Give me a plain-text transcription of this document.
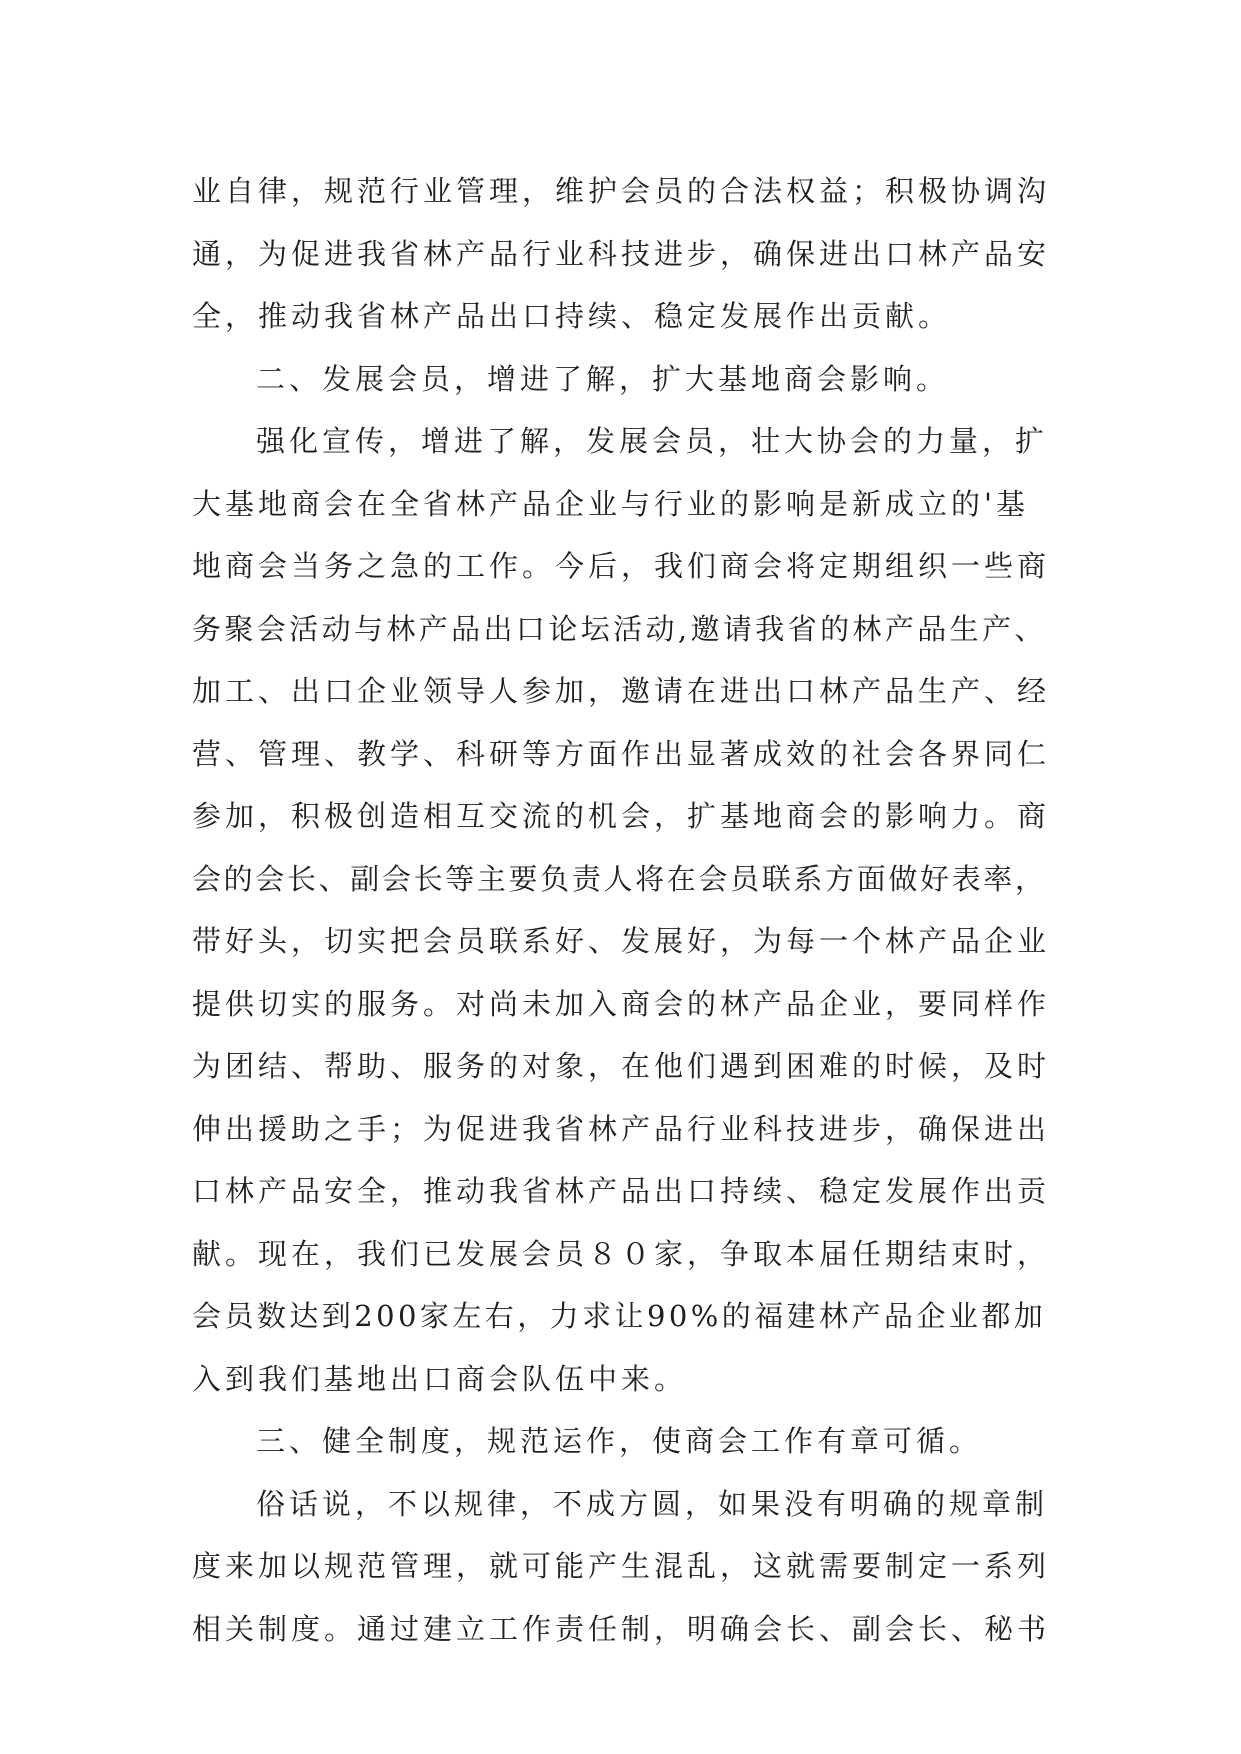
业自律，规范行业管理，维护会员的合法权益；积极协调沟
通，为促进我省林产品行业科技进步，确保进出口林产品安
全，推动我省林产品出口持续、稳定发展作出贡献。
二、发展会员，增进了解，扩大基地商会影响。
强化宣传，增进了解，发展会员，壮大协会的力量，扩
大基地商会在全省林产品企业与行业的影响是新成立的'基
地商会当务之急的工作。今后，我们商会将定期组织一些商
务聚会活动与林产品出口论坛活动,邀请我省的林产品生产、
加工、出口企业领导人参加，邀请在进出口林产品生产、经
营、管理、教学、科研等方面作出显著成效的社会各界同仁
参加，积极创造相互交流的机会，扩基地商会的影响力。商
会的会长、副会长等主要负责人将在会员联系方面做好表率，
带好头，切实把会员联系好、发展好，为每一个林产品企业
提供切实的服务。对尚未加入商会的林产品企业，要同样作
为团结、帮助、服务的对象，在他们遇到困难的时候，及时
伸出援助之手；为促进我省林产品行业科技进步，确保进出
口林产品安全，推动我省林产品出口持续、稳定发展作出贡
献。现在，我们已发展会员８０家，争取本届任期结束时，
会员数达到200家左右，力求让90%的福建林产品企业都加
入到我们基地出口商会队伍中来。
三、健全制度，规范运作，使商会工作有章可循。
俗话说，不以规律，不成方圆，如果没有明确的规章制
度来加以规范管理，就可能产生混乱，这就需要制定一系列
相关制度。通过建立工作责任制，明确会长、副会长、秘书
